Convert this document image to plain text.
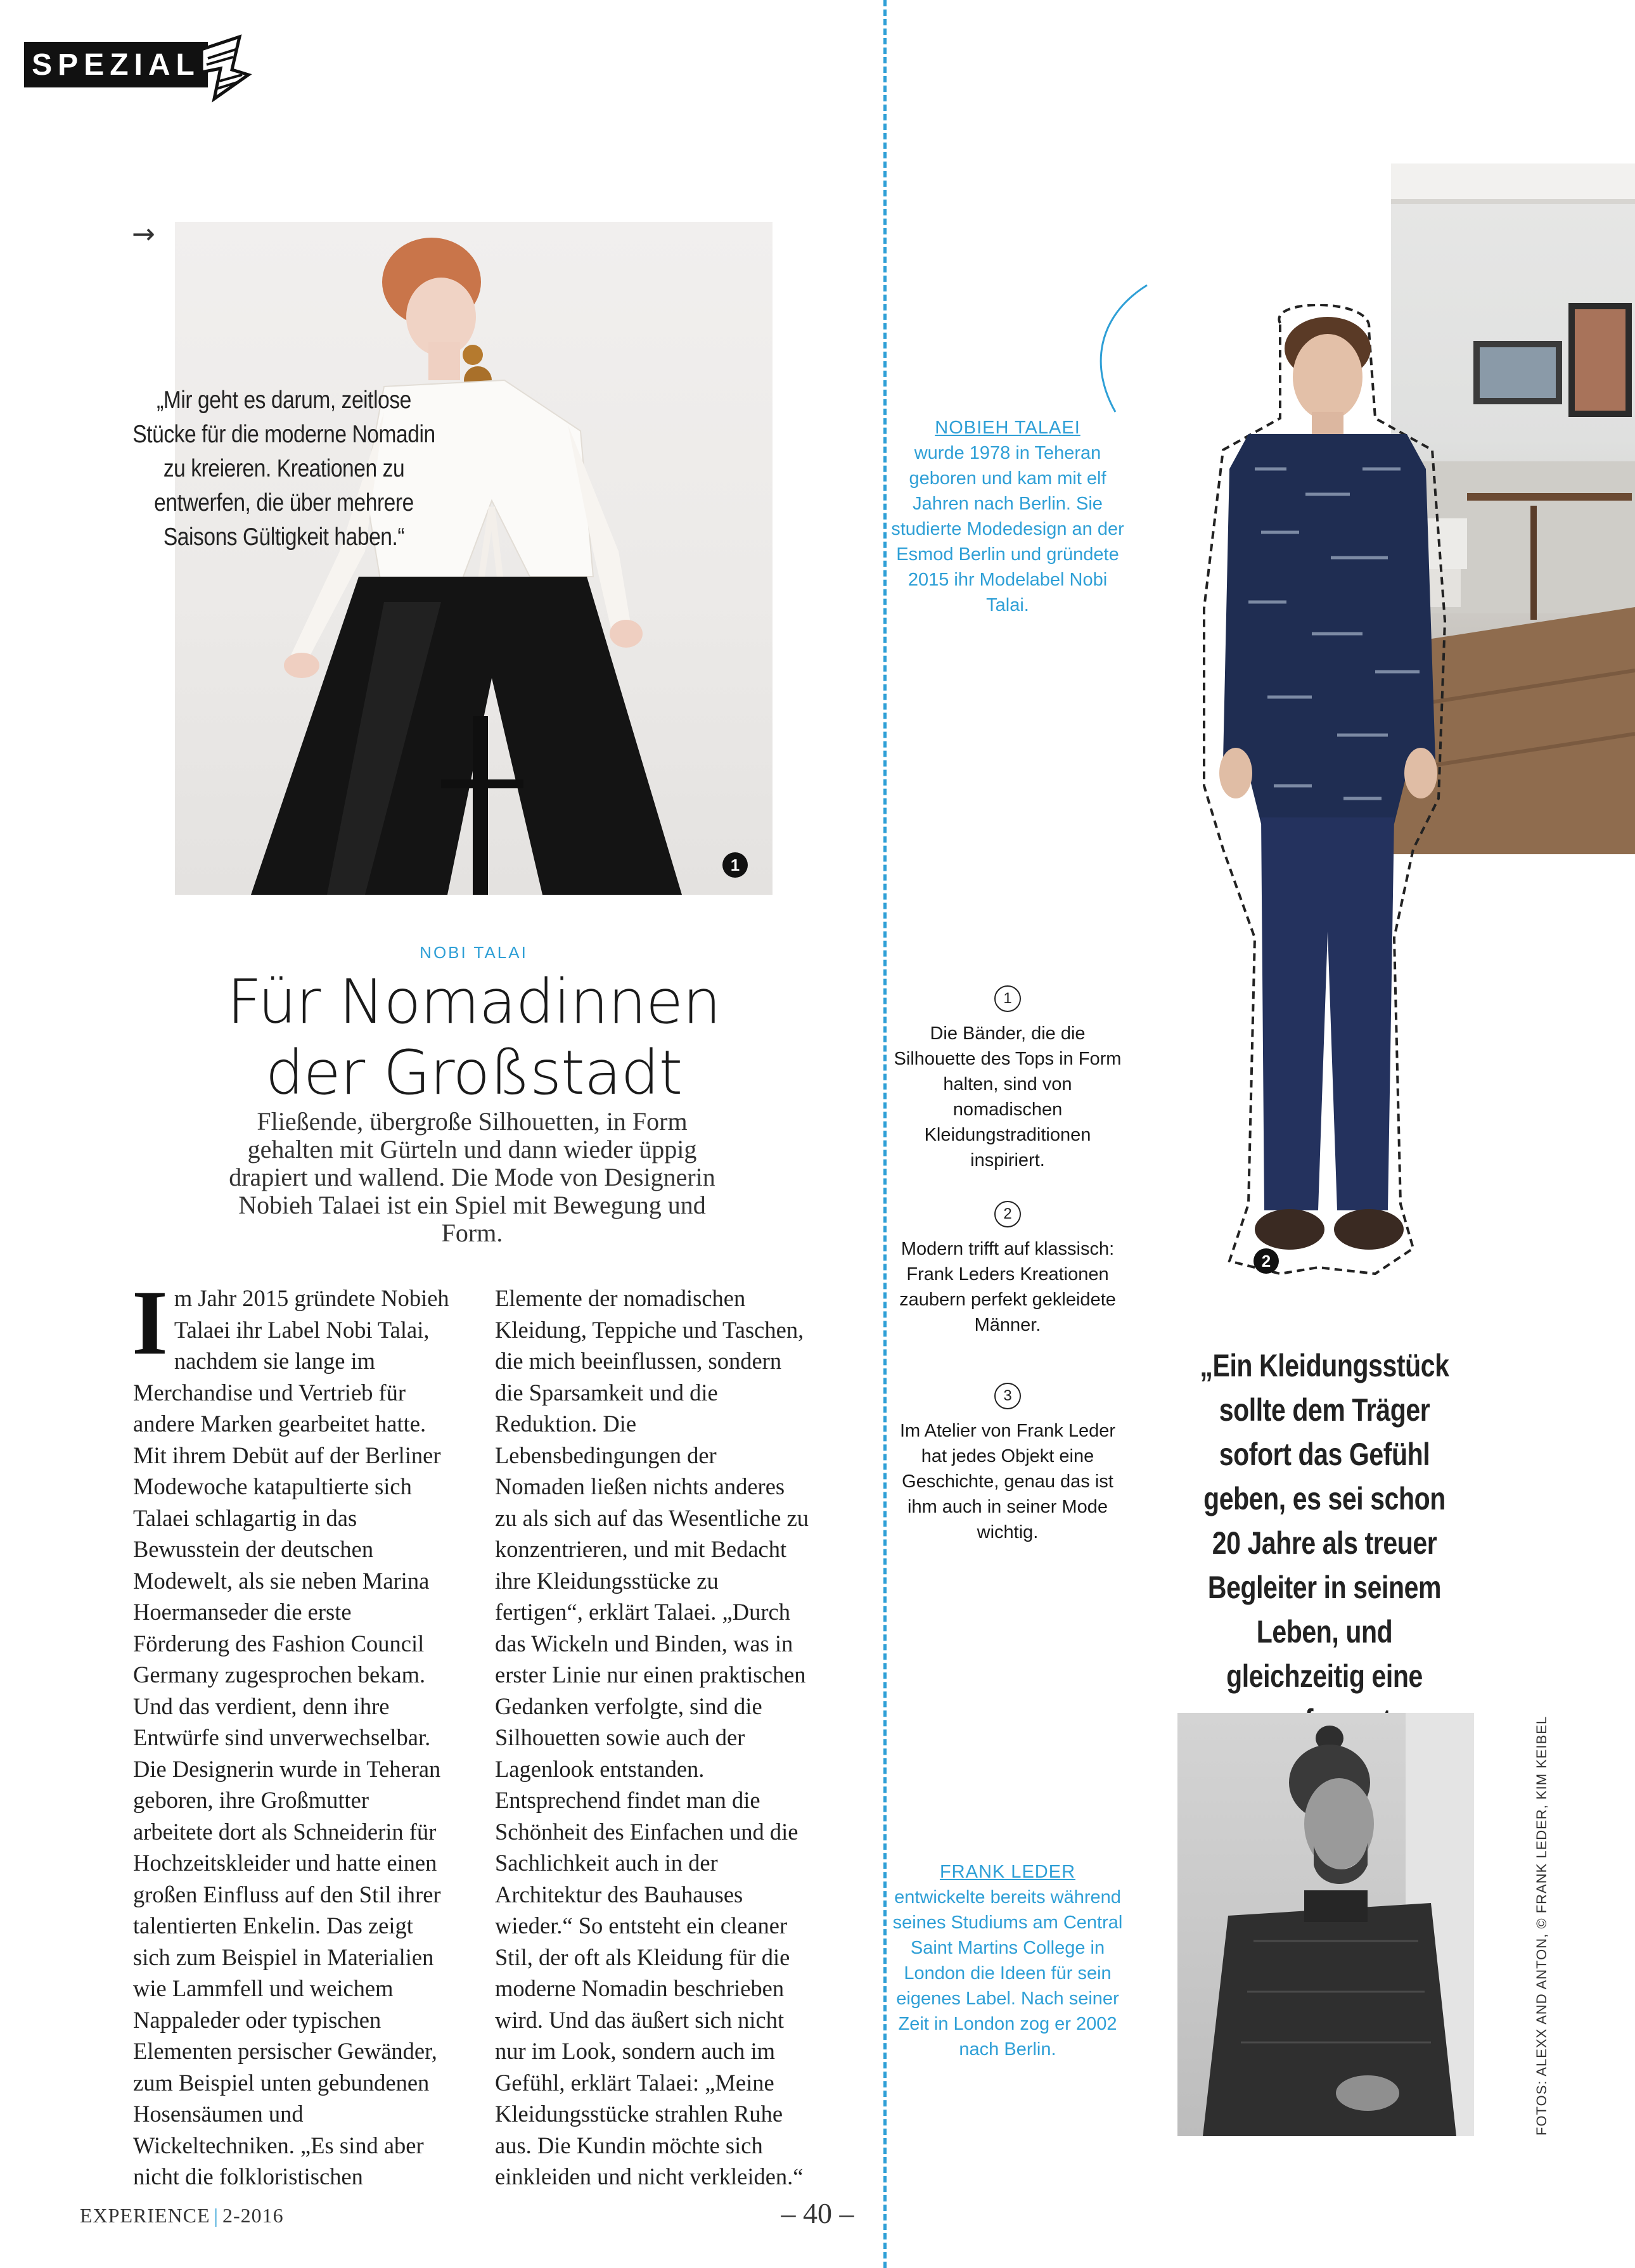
SPEZIAL
→
1
„Mir geht es darum, zeitlose Stücke für die moderne Nomadin zu kreieren. Kreationen zu entwerfen, die über mehrere Saisons Gültigkeit haben.“
NOBI TALAI
Für Nomadinnen
der Großstadt
Fließende, übergroße Silhouetten, in Form gehalten mit Gürteln und dann wieder üppig drapiert und wallend. Die Mode von Designerin Nobieh Talaei ist ein Spiel mit Bewegung und Form.
Im Jahr 2015 gründete Nobieh Talaei ihr Label Nobi Talai, nachdem sie lange im Merchandise und Vertrieb für andere Marken gearbeitet hatte. Mit ihrem Debüt auf der Berliner Modewoche katapultierte sich Talaei schlagartig in das Bewusstein der deutschen Modewelt, als sie neben Marina Hoermanseder die erste Förderung des Fashion Council Germany zugesprochen bekam. Und das verdient, denn ihre Entwürfe sind unverwechselbar. Die Designerin wurde in Teheran geboren, ihre Großmutter arbeitete dort als Schneiderin für Hochzeitskleider und hatte einen großen Einfluss auf den Stil ihrer talentierten Enkelin. Das zeigt sich zum Beispiel in Materialien wie Lammfell und weichem Nappaleder oder typischen Elementen persischer Gewänder, zum Beispiel unten gebundenen Hosensäumen und Wickeltechniken. „Es sind aber nicht die folkloristischen
Elemente der nomadischen Kleidung, Teppiche und Taschen, die mich beeinflussen, sondern die Sparsamkeit und die Reduktion. Die Lebensbedingungen der Nomaden ließen nichts anderes zu als sich auf das Wesentliche zu konzentrieren, und mit Bedacht ihre Kleidungsstücke zu fertigen“, erklärt Talaei. „Durch das Wickeln und Binden, was in erster Linie nur einen praktischen Gedanken verfolgte, sind die Silhouetten sowie auch der Lagenlook entstanden. Entsprechend findet man die Schönheit des Einfachen und die Sachlichkeit auch in der Architektur des Bauhauses wieder.“ So entsteht ein cleaner Stil, der oft als Kleidung für die moderne Nomadin beschrieben wird. Und das äußert sich nicht nur im Look, sondern auch im Gefühl, erklärt Talaei: „Meine Kleidungsstücke strahlen Ruhe aus. Die Kundin möchte sich einkleiden und nicht verkleiden.“
NOBIEH TALAEI
wurde 1978 in Teheran geboren und kam mit elf Jahren nach Berlin. Sie studierte Modedesign an der Esmod Berlin und gründete 2015 ihr Modelabel Nobi Talai.
1
Die Bänder, die die Silhouette des Tops in Form halten, sind von nomadischen Kleidungstraditionen inspiriert.
2
Modern trifft auf klassisch: Frank Leders Kreationen zaubern perfekt gekleidete Männer.
3
Im Atelier von Frank Leder hat jedes Objekt eine Geschichte, genau das ist ihm auch in seiner Mode wichtig.
FRANK LEDER
entwickelte bereits während seines Studiums am Central Saint Martins College in London die Ideen für sein eigenes Label. Nach seiner Zeit in London zog er 2002 nach Berlin.
2
„Ein Kleidungsstück sollte dem Träger sofort das Gefühl geben, es sei schon 20 Jahre als treuer Begleiter in seinem Leben, und gleichzeitig eine
FOTOS: ALEXX AND ANTON, © FRANK LEDER, KIM KEIBEL
EXPERIENCE | 2-2016	– 40 –
